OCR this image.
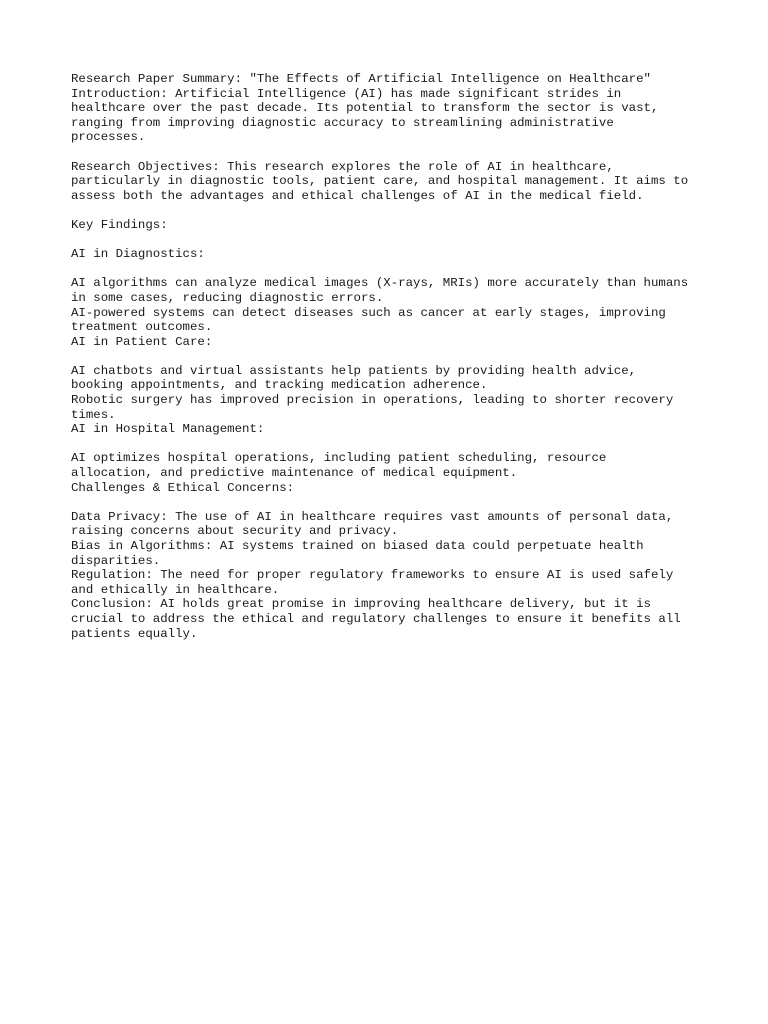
Research Paper Summary: "The Effects of Artificial Intelligence on Healthcare"
Introduction: Artificial Intelligence (AI) has made significant strides in
healthcare over the past decade. Its potential to transform the sector is vast,
ranging from improving diagnostic accuracy to streamlining administrative
processes.
Research Objectives: This research explores the role of AI in healthcare,
particularly in diagnostic tools, patient care, and hospital management. It aims to
assess both the advantages and ethical challenges of AI in the medical field.
Key Findings:
AI in Diagnostics:
AI algorithms can analyze medical images (X-rays, MRIs) more accurately than humans
in some cases, reducing diagnostic errors.
AI-powered systems can detect diseases such as cancer at early stages, improving
treatment outcomes.
AI in Patient Care:
AI chatbots and virtual assistants help patients by providing health advice,
booking appointments, and tracking medication adherence.
Robotic surgery has improved precision in operations, leading to shorter recovery
times.
AI in Hospital Management:
AI optimizes hospital operations, including patient scheduling, resource
allocation, and predictive maintenance of medical equipment.
Challenges & Ethical Concerns:
Data Privacy: The use of AI in healthcare requires vast amounts of personal data,
raising concerns about security and privacy.
Bias in Algorithms: AI systems trained on biased data could perpetuate health
disparities.
Regulation: The need for proper regulatory frameworks to ensure AI is used safely
and ethically in healthcare.
Conclusion: AI holds great promise in improving healthcare delivery, but it is
crucial to address the ethical and regulatory challenges to ensure it benefits all
patients equally.
